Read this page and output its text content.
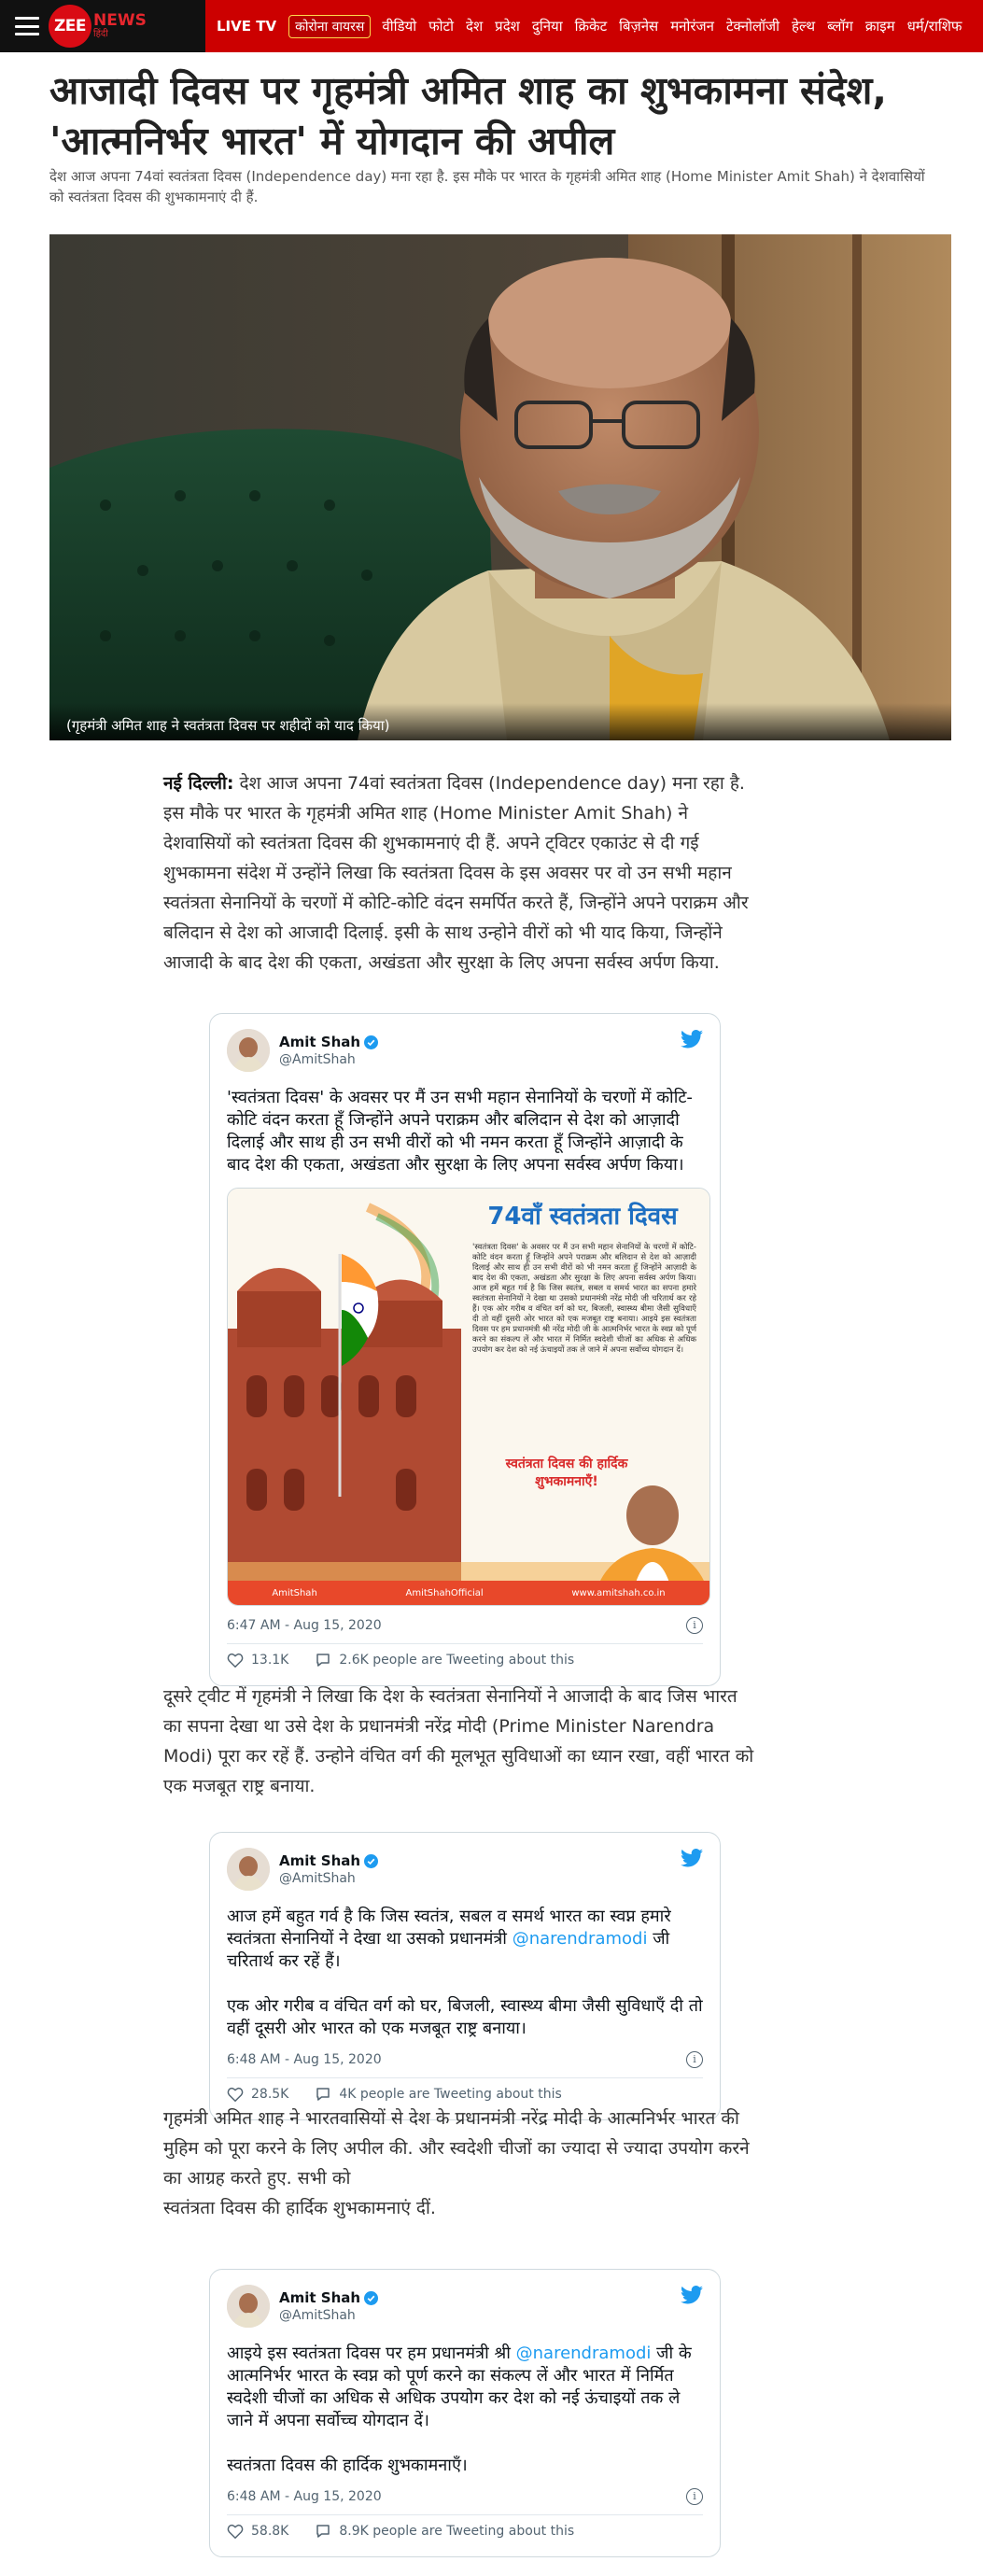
ZEE NEWS
हिंदी	LIVE TV	कोरोना वायरस	वीडियो फोटो देश प्रदेश दुनिया क्रिकेट बिज़नेस मनोरंजन टेक्नोलॉजी हेल्थ ब्लॉग क्राइम धर्म/राशिफ
आजादी दिवस पर गृहमंत्री अमित शाह का शुभकामना संदेश, 'आत्मनिर्भर भारत' में योगदान की अपील

देश आज अपना 74वां स्वतंत्रता दिवस (Independence day) मना रहा है. इस मौके पर भारत के गृहमंत्री अमित शाह (Home Minister Amit Shah) ने देशवासियों को स्वतंत्रता दिवस की शुभकामनाएं दी हैं.

(गृहमंत्री अमित शाह ने स्वतंत्रता दिवस पर शहीदों को याद किया)

नई दिल्ली: देश आज अपना 74वां स्वतंत्रता दिवस (Independence day) मना रहा है. इस मौके पर भारत के गृहमंत्री अमित शाह (Home Minister Amit Shah) ने देशवासियों को स्वतंत्रता दिवस की शुभकामनाएं दी हैं. अपने ट्विटर एकाउंट से दी गई शुभकामना संदेश में उन्होंने लिखा कि स्वतंत्रता दिवस के इस अवसर पर वो उन सभी महान स्वतंत्रता सेनानियों के चरणों में कोटि-कोटि वंदन समर्पित करते हैं, जिन्होंने अपने पराक्रम और बलिदान से देश को आजादी दिलाई. इसी के साथ उन्होने वीरों को भी याद किया, जिन्होंने आजादी के बाद देश की एकता, अखंडता और सुरक्षा के लिए अपना सर्वस्व अर्पण किया.

Amit Shah
@AmitShah
'स्वतंत्रता दिवस' के अवसर पर मैं उन सभी महान सेनानियों के चरणों में कोटि-कोटि वंदन करता हूँ जिन्होंने अपने पराक्रम और बलिदान से देश को आज़ादी दिलाई और साथ ही उन सभी वीरों को भी नमन करता हूँ जिन्होंने आज़ादी के बाद देश की एकता, अखंडता और सुरक्षा के लिए अपना सर्वस्व अर्पण किया।
74वाँ स्वतंत्रता दिवस
'स्वतंत्रता दिवस' के अवसर पर मैं उन सभी महान सेनानियों के चरणों में कोटि-कोटि वंदन करता हूँ जिन्होंने अपने पराक्रम और बलिदान से देश को आज़ादी दिलाई और साथ ही उन सभी वीरों को भी नमन करता हूँ जिन्होंने आज़ादी के बाद देश की एकता, अखंडता और सुरक्षा के लिए अपना सर्वस्व अर्पण किया। आज हमें बहुत गर्व है कि जिस स्वतंत्र, सबल व समर्थ भारत का सपना हमारे स्वतंत्रता सेनानियों ने देखा था उसको प्रधानमंत्री नरेंद्र मोदी जी चरितार्थ कर रहे हैं। एक ओर गरीब व वंचित वर्ग को घर, बिजली, स्वास्थ्य बीमा जैसी सुविधाएँ दी तो वहीं दूसरी ओर भारत को एक मजबूत राष्ट्र बनाया। आइये इस स्वतंत्रता दिवस पर हम प्रधानमंत्री श्री नरेंद्र मोदी जी के आत्मनिर्भर भारत के स्वप्न को पूर्ण करने का संकल्प लें और भारत में निर्मित स्वदेशी चीजों का अधिक से अधिक उपयोग कर देश को नई ऊंचाइयों तक ले जाने में अपना सर्वोच्च योगदान दें।
स्वतंत्रता दिवस की हार्दिक शुभकामनाएँ!
AmitShah	AmitShahOfficial	www.amitshah.co.in
6:47 AM - Aug 15, 2020	i
13.1K	2.6K people are Tweeting about this

दूसरे ट्वीट में गृहमंत्री ने लिखा कि देश के स्वतंत्रता सेनानियों ने आजादी के बाद जिस भारत का सपना देखा था उसे देश के प्रधानमंत्री नरेंद्र मोदी (Prime Minister Narendra Modi) पूरा कर रहें हैं. उन्होने वंचित वर्ग की मूलभूत सुविधाओं का ध्यान रखा, वहीं भारत को एक मजबूत राष्ट्र बनाया.

Amit Shah
@AmitShah
आज हमें बहुत गर्व है कि जिस स्वतंत्र, सबल व समर्थ भारत का स्वप्न हमारे स्वतंत्रता सेनानियों ने देखा था उसको प्रधानमंत्री @narendramodi जी चरितार्थ कर रहें हैं।

एक ओर गरीब व वंचित वर्ग को घर, बिजली, स्वास्थ्य बीमा जैसी सुविधाएँ दी तो वहीं दूसरी ओर भारत को एक मजबूत राष्ट्र बनाया।
6:48 AM - Aug 15, 2020	i
28.5K	4K people are Tweeting about this

गृहमंत्री अमित शाह ने भारतवासियों से देश के प्रधानमंत्री नरेंद्र मोदी के आत्मनिर्भर भारत की मुहिम को पूरा करने के लिए अपील की. और स्वदेशी चीजों का ज्यादा से ज्यादा उपयोग करने का आग्रह करते हुए. सभी को
स्वतंत्रता दिवस की हार्दिक शुभकामनाएं दीं.

Amit Shah
@AmitShah
आइये इस स्वतंत्रता दिवस पर हम प्रधानमंत्री श्री @narendramodi जी के आत्मनिर्भर भारत के स्वप्न को पूर्ण करने का संकल्प लें और भारत में निर्मित स्वदेशी चीजों का अधिक से अधिक उपयोग कर देश को नई ऊंचाइयों तक ले जाने में अपना सर्वोच्च योगदान दें।

स्वतंत्रता दिवस की हार्दिक शुभकामनाएँ।
6:48 AM - Aug 15, 2020	i
58.8K	8.9K people are Tweeting about this
